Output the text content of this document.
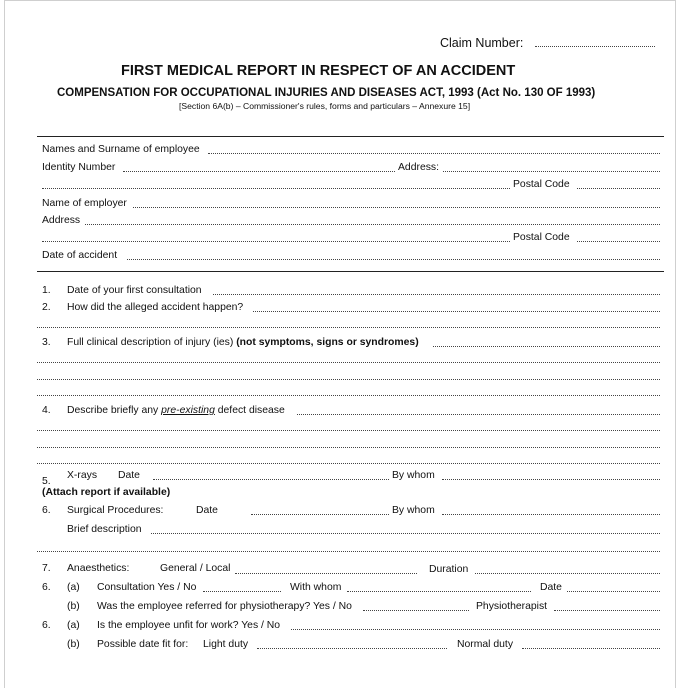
Claim Number:
FIRST MEDICAL REPORT IN RESPECT OF AN ACCIDENT
COMPENSATION FOR OCCUPATIONAL INJURIES AND DISEASES ACT, 1993 (Act No. 130 OF 1993)
[Section 6A(b) – Commissioner's rules, forms and particulars – Annexure 15]
Names and Surname of employee
Identity Number	Address:
Postal Code
Name of employer
Address
Postal Code
Date of accident
1. Date of your first consultation
2. How did the alleged accident happen?
3. Full clinical description of injury (ies) (not symptoms, signs or syndromes)
4. Describe briefly any pre-existing defect disease
5.
X-rays Date	By whom
(Attach report if available)
6. Surgical Procedures:	Date	By whom
Brief description
7. Anaesthetics:	General / Local	Duration
6. (a) Consultation Yes / No	With whom	Date
(b) Was the employee referred for physiotherapy? Yes / No	Physiotherapist
6. (a) Is the employee unfit for work? Yes / No
(b) Possible date fit for: Light duty	Normal duty
